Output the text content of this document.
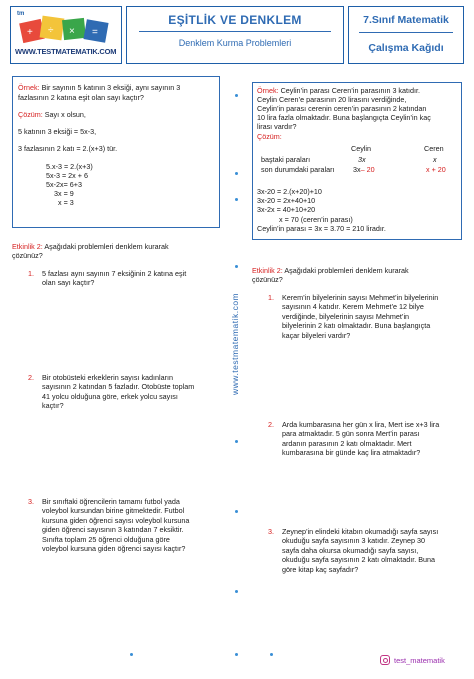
tm
+ ÷ × =
WWW.TESTMATEMATIK.COM
EŞİTLİK VE DENKLEM
Denklem Kurma Problemleri
7.Sınıf Matematik
Çalışma Kağıdı
Örnek: Bir sayının 5 katının 3 eksiği, aynı sayının 3
fazlasının 2 katına eşit olan sayı kaçtır?
Çözüm: Sayı x olsun,
5 katının 3 eksiği = 5x-3,
3 fazlasının 2 katı = 2.(x+3) tür.
5.x-3 = 2.(x+3)
5x-3 = 2x + 6
5x-2x= 6+3
3x = 9
x = 3
Örnek: Ceylin’in parası Ceren’in parasının 3 katıdır.
Ceylin Ceren’e parasının 20 lirasını verdiğinde,
Ceylin’in parası cerenin ceren’in parasının 2 katından
10 lira fazla olmaktadır. Buna başlangıçta Ceylin’in kaç
lirası vardır?
Çözüm:
Ceylin	Ceren
baştaki paraları	3x	x
son durumdaki paraları	3x– 20	x + 20
3x-20 = 2.(x+20)+10
3x-20 = 2x+40+10
3x-2x = 40+10+20
x = 70 (ceren’in parası)
Ceylin’in parası = 3x = 3.70 = 210 liradır.
www.testmatematik.com
Etkinlik 2: Aşağıdaki problemleri denklem kurarak
çözünüz?
1. 5 fazlası aynı sayının 7 eksiğinin 2 katına eşit
olan sayı kaçtır?
2. Bir otobüsteki erkeklerin sayısı kadınların
sayısının 2 katından 5 fazladır. Otobüste toplam
41 yolcu olduğuna göre, erkek yolcu sayısı
kaçtır?
3. Bir sınıftaki öğrencilerin tamamı futbol yada
voleybol kursundan birine gitmektedir. Futbol
kursuna giden öğrenci sayısı voleybol kursuna
giden öğrenci sayısının 3 katından 7 eksiktir.
Sınıfta toplam 25 öğrenci olduğuna göre
voleybol kursuna giden öğrenci sayısı kaçtır?
Etkinlik 2: Aşağıdaki problemleri denklem kurarak
çözünüz?
1. Kerem’in bilyelerinin sayısı Mehmet’in bilyelerinin
sayısının 4 katıdır. Kerem Mehmet’e 12 bilye
verdiğinde, bilyelerinin sayısı Mehmet’in
bilyelerinin 2 katı olmaktadır. Buna başlangıçta
kaçar bilyeleri vardır?
2. Arda kumbarasına her gün x lira, Mert ise x+3 lira
para atmaktadır. 5 gün sonra Mert’in parası
ardanın parasının 2 katı olmaktadır. Mert
kumbarasına bir günde kaç lira atmaktadır?
3. Zeynep’in elindeki kitabın okumadığı sayfa sayısı
okuduğu sayfa sayısının 3 katıdır. Zeynep 30
sayfa daha okursa okumadığı sayfa sayısı,
okuduğu sayfa sayısının 2 katı olmaktadır. Buna
göre kitap kaç sayfadır?
test_matematik
